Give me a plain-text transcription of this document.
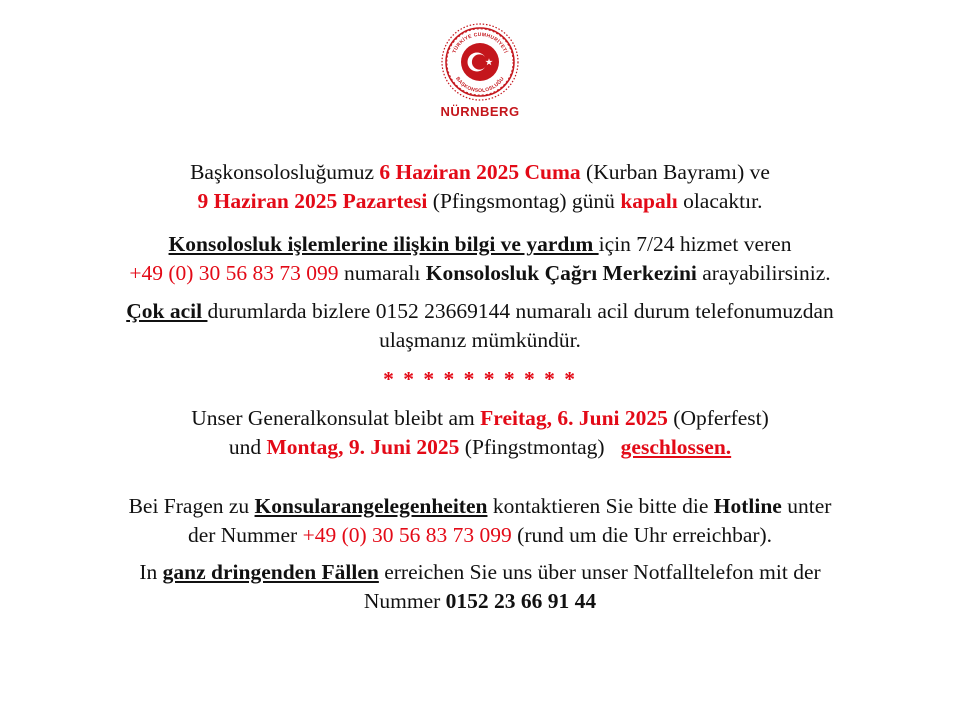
TÜRKİYE CUMHURİYETİ
BAŞKONSOLOSLUĞU
NÜRNBERG

Başkonsolosluğumuz 6 Haziran 2025 Cuma (Kurban Bayramı) ve
9 Haziran 2025 Pazartesi (Pfingsmontag) günü kapalı olacaktır.

Konsolosluk işlemlerine ilişkin bilgi ve yardım için 7/24 hizmet veren
+49 (0) 30 56 83 73 099 numaralı Konsolosluk Çağrı Merkezini arayabilirsiniz.

Çok acil durumlarda bizlere 0152 23669144 numaralı acil durum telefonumuzdan
ulaşmanız mümkündür.

* * * * * * * * * *

Unser Generalkonsulat bleibt am Freitag, 6. Juni 2025 (Opferfest)
und Montag, 9. Juni 2025 (Pfingstmontag)   geschlossen.

Bei Fragen zu Konsularangelegenheiten kontaktieren Sie bitte die Hotline unter
der Nummer +49 (0) 30 56 83 73 099 (rund um die Uhr erreichbar).

In ganz dringenden Fällen erreichen Sie uns über unser Notfalltelefon mit der
Nummer 0152 23 66 91 44
